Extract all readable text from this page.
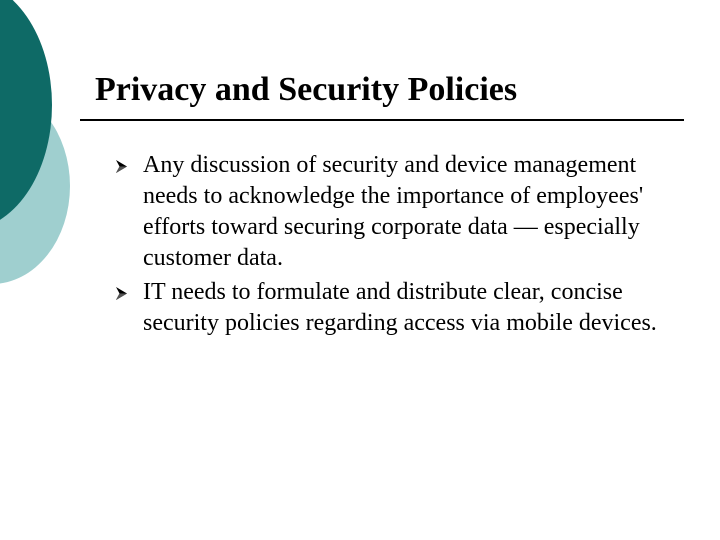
Privacy and Security Policies
Any discussion of security and device management needs to acknowledge the importance of employees' efforts toward securing corporate data — especially customer data.
IT needs to formulate and distribute clear, concise security policies regarding access via mobile devices.
